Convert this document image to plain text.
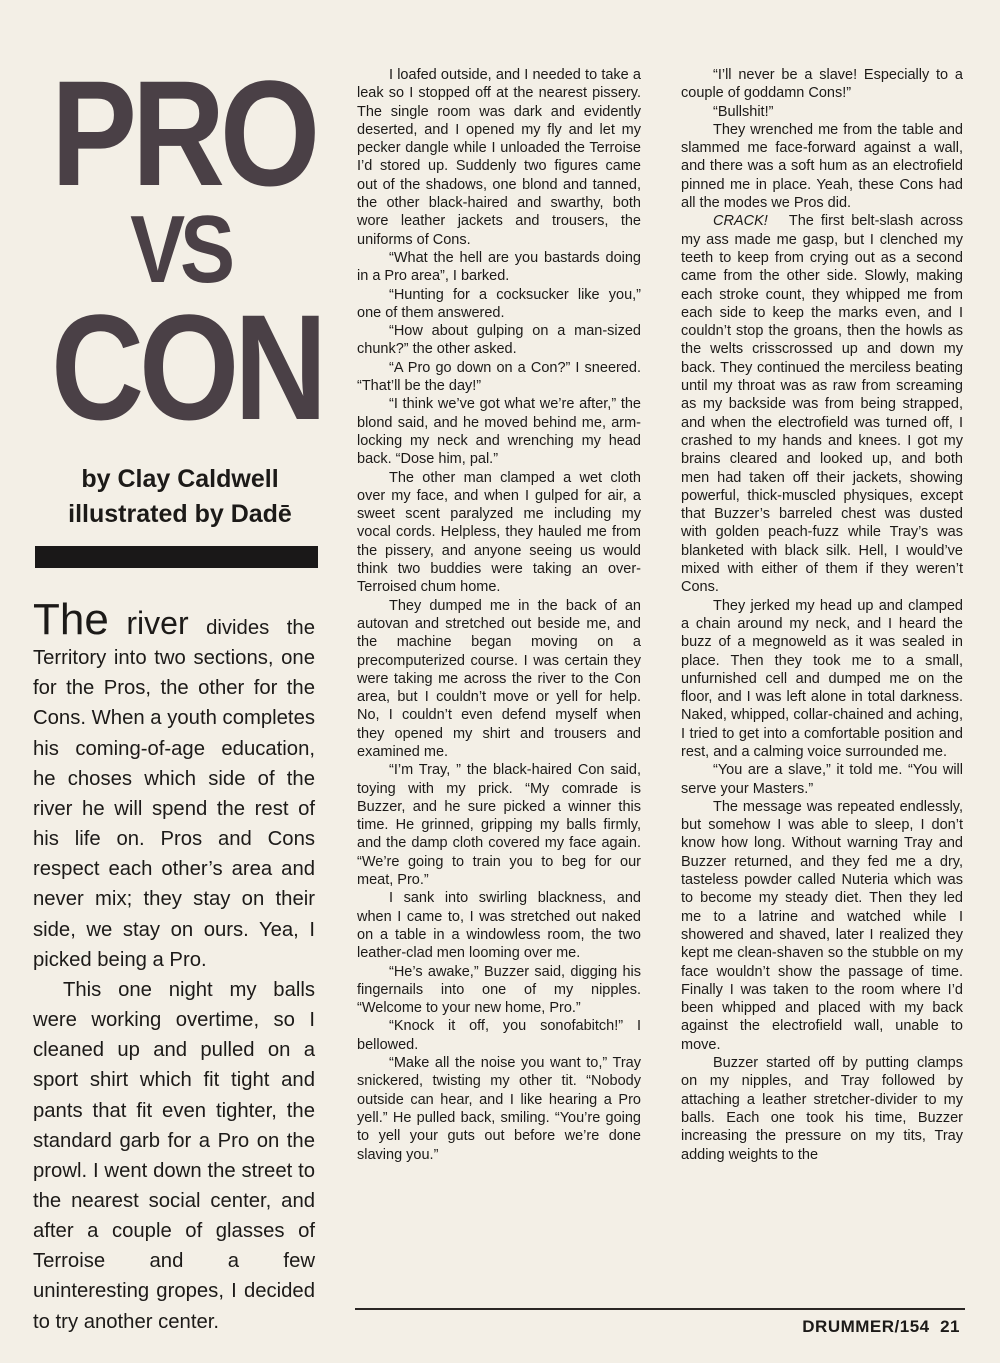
PRO
VS
CON
by Clay Caldwell
illustrated by Dadē

The river divides the Territory into two sections, one for the Pros, the other for the Cons. When a youth completes his coming-of-age education, he choses which side of the river he will spend the rest of his life on. Pros and Cons respect each other’s area and never mix; they stay on their side, we stay on ours. Yea, I picked being a Pro.

This one night my balls were working overtime, so I cleaned up and pulled on a sport shirt which fit tight and pants that fit even tighter, the standard garb for a Pro on the prowl. I went down the street to the nearest social center, and after a couple of glasses of Terroise and a few uninteresting gropes, I decided to try another center.

I loafed outside, and I needed to take a leak so I stopped off at the nearest pissery. The single room was dark and evidently deserted, and I opened my fly and let my pecker dangle while I unloaded the Terroise I’d stored up. Suddenly two figures came out of the shadows, one blond and tanned, the other black-haired and swarthy, both wore leather jackets and trousers, the uniforms of Cons.

“What the hell are you bastards doing in a Pro area”, I barked.

“Hunting for a cocksucker like you,” one of them answered.

“How about gulping on a man-sized chunk?” the other asked.

“A Pro go down on a Con?” I sneered. “That’ll be the day!”

“I think we’ve got what we’re after,” the blond said, and he moved behind me, arm-locking my neck and wrenching my head back. “Dose him, pal.”

The other man clamped a wet cloth over my face, and when I gulped for air, a sweet scent paralyzed me including my vocal cords. Helpless, they hauled me from the pissery, and anyone seeing us would think two buddies were taking an over-Terroised chum home.

They dumped me in the back of an autovan and stretched out beside me, and the machine began moving on a precomputerized course. I was certain they were taking me across the river to the Con area, but I couldn’t move or yell for help. No, I couldn’t even defend myself when they opened my shirt and trousers and examined me.

“I’m Tray, ” the black-haired Con said, toying with my prick. “My comrade is Buzzer, and he sure picked a winner this time. He grinned, gripping my balls firmly, and the damp cloth covered my face again. “We’re going to train you to beg for our meat, Pro.”

I sank into swirling blackness, and when I came to, I was stretched out naked on a table in a windowless room, the two leather-clad men looming over me.

“He’s awake,” Buzzer said, digging his fingernails into one of my nipples. “Welcome to your new home, Pro.”

“Knock it off, you sonofabitch!” I bellowed.

“Make all the noise you want to,” Tray snickered, twisting my other tit. “Nobody outside can hear, and I like hearing a Pro yell.” He pulled back, smiling. “You’re going to yell your guts out before we’re done slaving you.”

“I’ll never be a slave! Especially to a couple of goddamn Cons!”

“Bullshit!”

They wrenched me from the table and slammed me face-forward against a wall, and there was a soft hum as an electrofield pinned me in place. Yeah, these Cons had all the modes we Pros did.

CRACK! The first belt-slash across my ass made me gasp, but I clenched my teeth to keep from crying out as a second came from the other side. Slowly, making each stroke count, they whipped me from each side to keep the marks even, and I couldn’t stop the groans, then the howls as the welts crisscrossed up and down my back. They continued the merciless beating until my throat was as raw from screaming as my backside was from being strapped, and when the electrofield was turned off, I crashed to my hands and knees. I got my brains cleared and looked up, and both men had taken off their jackets, showing powerful, thick-muscled physiques, except that Buzzer’s barreled chest was dusted with golden peach-fuzz while Tray’s was blanketed with black silk. Hell, I would’ve mixed with either of them if they weren’t Cons.

They jerked my head up and clamped a chain around my neck, and I heard the buzz of a megnoweld as it was sealed in place. Then they took me to a small, unfurnished cell and dumped me on the floor, and I was left alone in total darkness. Naked, whipped, collar-chained and aching, I tried to get into a comfortable position and rest, and a calming voice surrounded me.

“You are a slave,” it told me. “You will serve your Masters.”

The message was repeated endlessly, but somehow I was able to sleep, I don’t know how long. Without warning Tray and Buzzer returned, and they fed me a dry, tasteless powder called Nuteria which was to become my steady diet. Then they led me to a latrine and watched while I showered and shaved, later I realized they kept me clean-shaven so the stubble on my face wouldn’t show the passage of time. Finally I was taken to the room where I’d been whipped and placed with my back against the electrofield wall, unable to move.

Buzzer started off by putting clamps on my nipples, and Tray followed by attaching a leather stretcher-divider to my balls. Each one took his time, Buzzer increasing the pressure on my tits, Tray adding weights to the

DRUMMER/154 21
